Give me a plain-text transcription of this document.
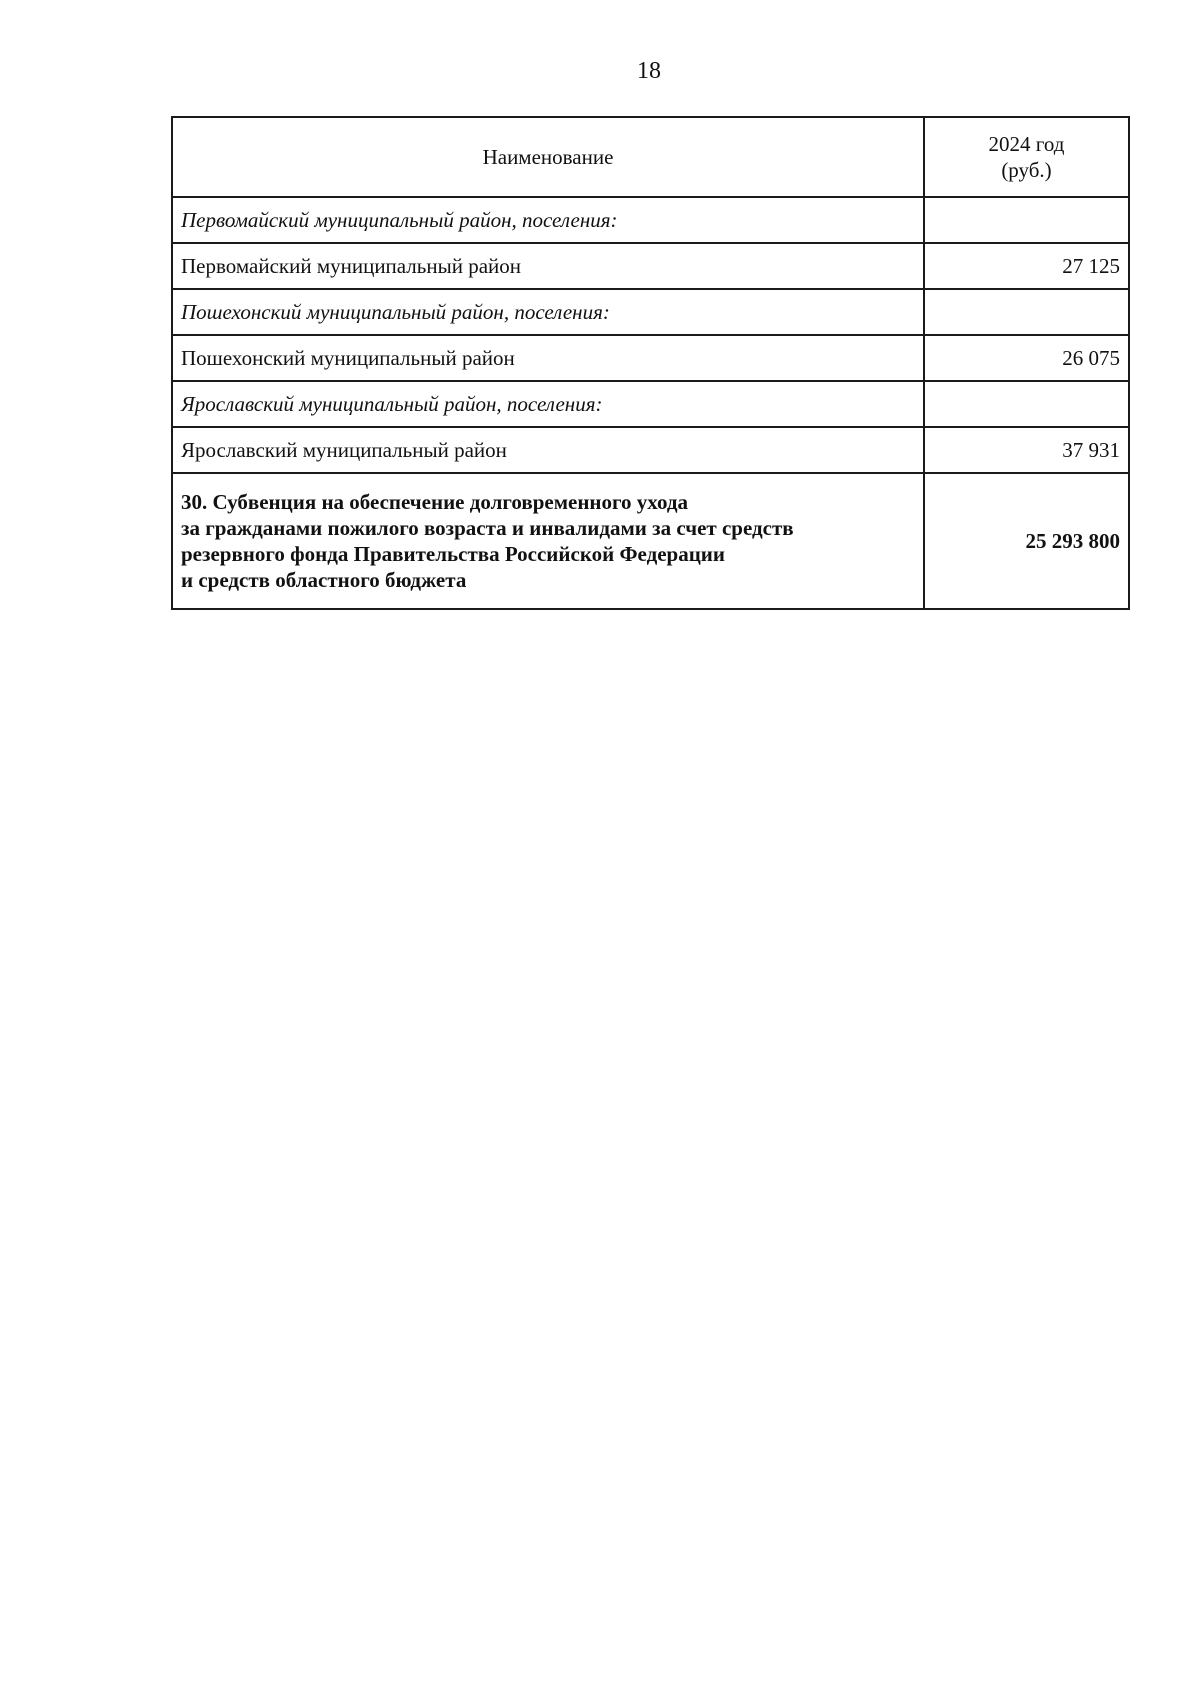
18
Наименование	2024 год
(руб.)
Первомайский муниципальный район, поселения:	
Первомайский муниципальный район	27 125
Пошехонский муниципальный район, поселения:	
Пошехонский муниципальный район	26 075
Ярославский муниципальный район, поселения:	
Ярославский муниципальный район	37 931
30. Субвенция на обеспечение долговременного ухода
за гражданами пожилого возраста и инвалидами за счет средств
резервного фонда Правительства Российской Федерации
и средств областного бюджета	25 293 800
